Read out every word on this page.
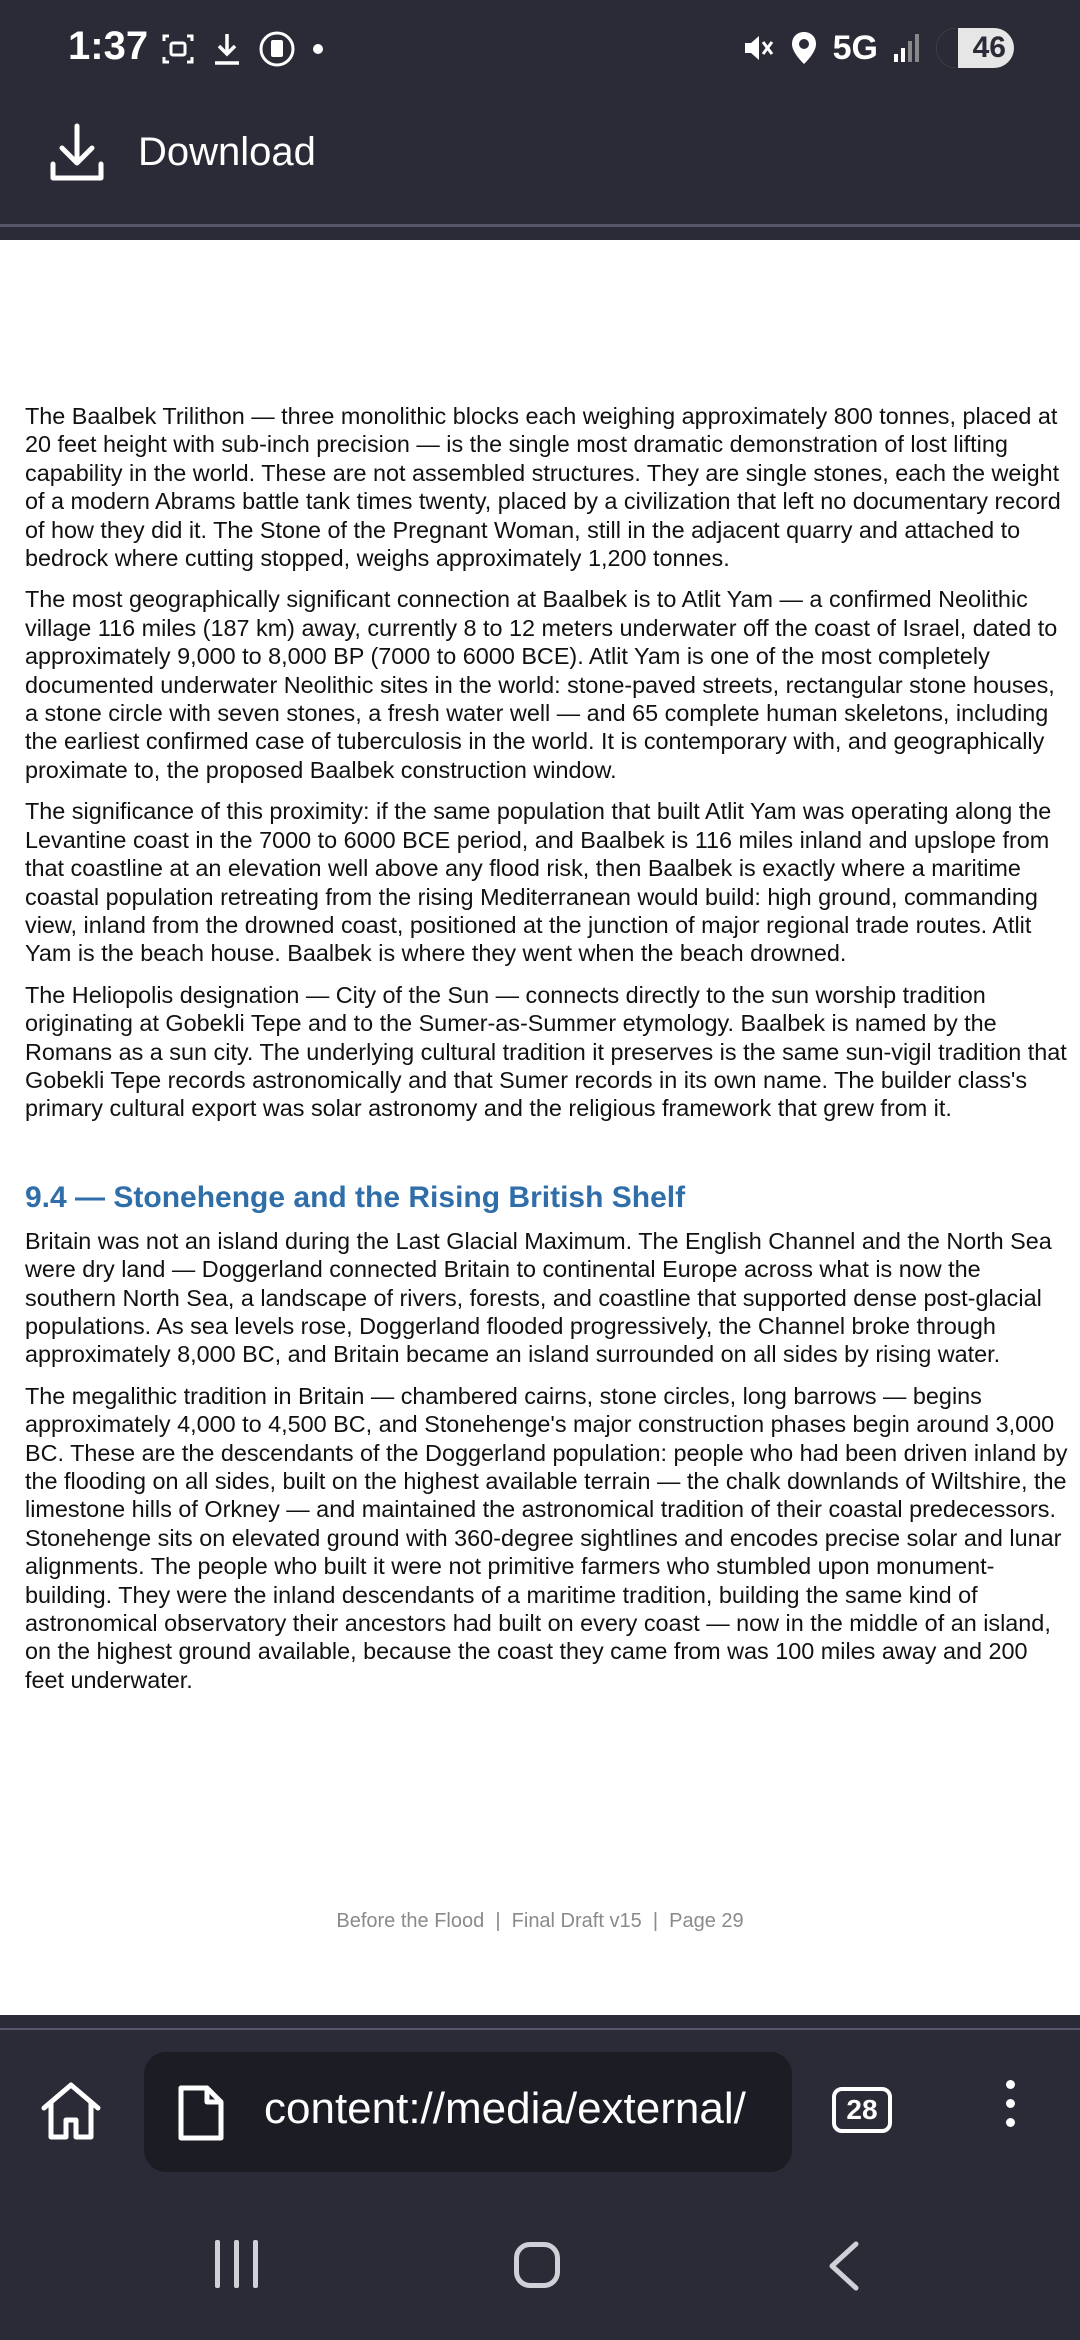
1:37	5G	46
Download

The Baalbek Trilithon — three monolithic blocks each weighing approximately 800 tonnes, placed at 20 feet height with sub-inch precision — is the single most dramatic demonstration of lost lifting capability in the world. These are not assembled structures. They are single stones, each the weight of a modern Abrams battle tank times twenty, placed by a civilization that left no documentary record of how they did it. The Stone of the Pregnant Woman, still in the adjacent quarry and attached to bedrock where cutting stopped, weighs approximately 1,200 tonnes.

The most geographically significant connection at Baalbek is to Atlit Yam — a confirmed Neolithic village 116 miles (187 km) away, currently 8 to 12 meters underwater off the coast of Israel, dated to approximately 9,000 to 8,000 BP (7000 to 6000 BCE). Atlit Yam is one of the most completely documented underwater Neolithic sites in the world: stone-paved streets, rectangular stone houses, a stone circle with seven stones, a fresh water well — and 65 complete human skeletons, including the earliest confirmed case of tuberculosis in the world. It is contemporary with, and geographically proximate to, the proposed Baalbek construction window.

The significance of this proximity: if the same population that built Atlit Yam was operating along the Levantine coast in the 7000 to 6000 BCE period, and Baalbek is 116 miles inland and upslope from that coastline at an elevation well above any flood risk, then Baalbek is exactly where a maritime coastal population retreating from the rising Mediterranean would build: high ground, commanding view, inland from the drowned coast, positioned at the junction of major regional trade routes. Atlit Yam is the beach house. Baalbek is where they went when the beach drowned.

The Heliopolis designation — City of the Sun — connects directly to the sun worship tradition originating at Gobekli Tepe and to the Sumer-as-Summer etymology. Baalbek is named by the Romans as a sun city. The underlying cultural tradition it preserves is the same sun-vigil tradition that Gobekli Tepe records astronomically and that Sumer records in its own name. The builder class's primary cultural export was solar astronomy and the religious framework that grew from it.

9.4 — Stonehenge and the Rising British Shelf

Britain was not an island during the Last Glacial Maximum. The English Channel and the North Sea were dry land — Doggerland connected Britain to continental Europe across what is now the southern North Sea, a landscape of rivers, forests, and coastline that supported dense post-glacial populations. As sea levels rose, Doggerland flooded progressively, the Channel broke through approximately 8,000 BC, and Britain became an island surrounded on all sides by rising water.

The megalithic tradition in Britain — chambered cairns, stone circles, long barrows — begins approximately 4,000 to 4,500 BC, and Stonehenge's major construction phases begin around 3,000 BC. These are the descendants of the Doggerland population: people who had been driven inland by the flooding on all sides, built on the highest available terrain — the chalk downlands of Wiltshire, the limestone hills of Orkney — and maintained the astronomical tradition of their coastal predecessors. Stonehenge sits on elevated ground with 360-degree sightlines and encodes precise solar and lunar alignments. The people who built it were not primitive farmers who stumbled upon monument-building. They were the inland descendants of a maritime tradition, building the same kind of astronomical observatory their ancestors had built on every coast — now in the middle of an island, on the highest ground available, because the coast they came from was 100 miles away and 200 feet underwater.

Before the Flood  |  Final Draft v15  |  Page 29
content://media/external/	28
